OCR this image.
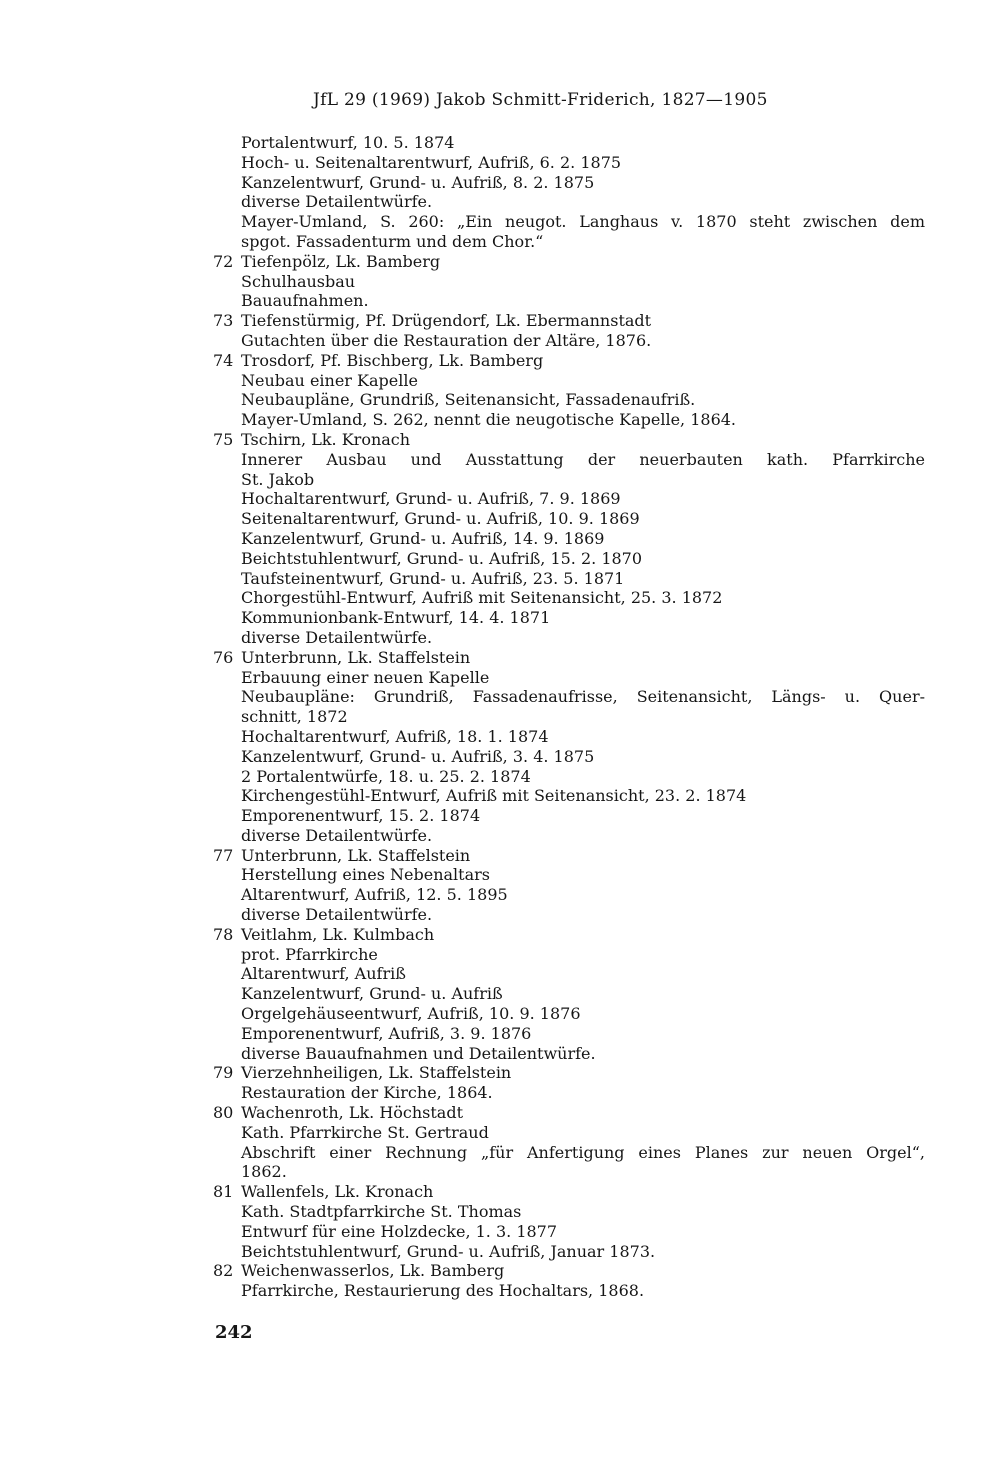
JfL 29 (1969) Jakob Schmitt-Friderich, 1827—1905
Portalentwurf, 10. 5. 1874
Hoch- u. Seitenaltarentwurf, Aufriß, 6. 2. 1875
Kanzelentwurf, Grund- u. Aufriß, 8. 2. 1875
diverse Detailentwürfe.
Mayer-Umland, S. 260: „Ein neugot. Langhaus v. 1870 steht zwischen dem
spgot. Fassadenturm und dem Chor.“
72 Tiefenpölz, Lk. Bamberg
Schulhausbau
Bauaufnahmen.
73 Tiefenstürmig, Pf. Drügendorf, Lk. Ebermannstadt
Gutachten über die Restauration der Altäre, 1876.
74 Trosdorf, Pf. Bischberg, Lk. Bamberg
Neubau einer Kapelle
Neubaupläne, Grundriß, Seitenansicht, Fassadenaufriß.
Mayer-Umland, S. 262, nennt die neugotische Kapelle, 1864.
75 Tschirn, Lk. Kronach
Innerer Ausbau und Ausstattung der neuerbauten kath. Pfarrkirche
St. Jakob
Hochaltarentwurf, Grund- u. Aufriß, 7. 9. 1869
Seitenaltarentwurf, Grund- u. Aufriß, 10. 9. 1869
Kanzelentwurf, Grund- u. Aufriß, 14. 9. 1869
Beichtstuhlentwurf, Grund- u. Aufriß, 15. 2. 1870
Taufsteinentwurf, Grund- u. Aufriß, 23. 5. 1871
Chorgestühl-Entwurf, Aufriß mit Seitenansicht, 25. 3. 1872
Kommunionbank-Entwurf, 14. 4. 1871
diverse Detailentwürfe.
76 Unterbrunn, Lk. Staffelstein
Erbauung einer neuen Kapelle
Neubaupläne: Grundriß, Fassadenaufrisse, Seitenansicht, Längs- u. Quer-
schnitt, 1872
Hochaltarentwurf, Aufriß, 18. 1. 1874
Kanzelentwurf, Grund- u. Aufriß, 3. 4. 1875
2 Portalentwürfe, 18. u. 25. 2. 1874
Kirchengestühl-Entwurf, Aufriß mit Seitenansicht, 23. 2. 1874
Emporenentwurf, 15. 2. 1874
diverse Detailentwürfe.
77 Unterbrunn, Lk. Staffelstein
Herstellung eines Nebenaltars
Altarentwurf, Aufriß, 12. 5. 1895
diverse Detailentwürfe.
78 Veitlahm, Lk. Kulmbach
prot. Pfarrkirche
Altarentwurf, Aufriß
Kanzelentwurf, Grund- u. Aufriß
Orgelgehäuseentwurf, Aufriß, 10. 9. 1876
Emporenentwurf, Aufriß, 3. 9. 1876
diverse Bauaufnahmen und Detailentwürfe.
79 Vierzehnheiligen, Lk. Staffelstein
Restauration der Kirche, 1864.
80 Wachenroth, Lk. Höchstadt
Kath. Pfarrkirche St. Gertraud
Abschrift einer Rechnung „für Anfertigung eines Planes zur neuen Orgel“,
1862.
81 Wallenfels, Lk. Kronach
Kath. Stadtpfarrkirche St. Thomas
Entwurf für eine Holzdecke, 1. 3. 1877
Beichtstuhlentwurf, Grund- u. Aufriß, Januar 1873.
82 Weichenwasserlos, Lk. Bamberg
Pfarrkirche, Restaurierung des Hochaltars, 1868.
242
